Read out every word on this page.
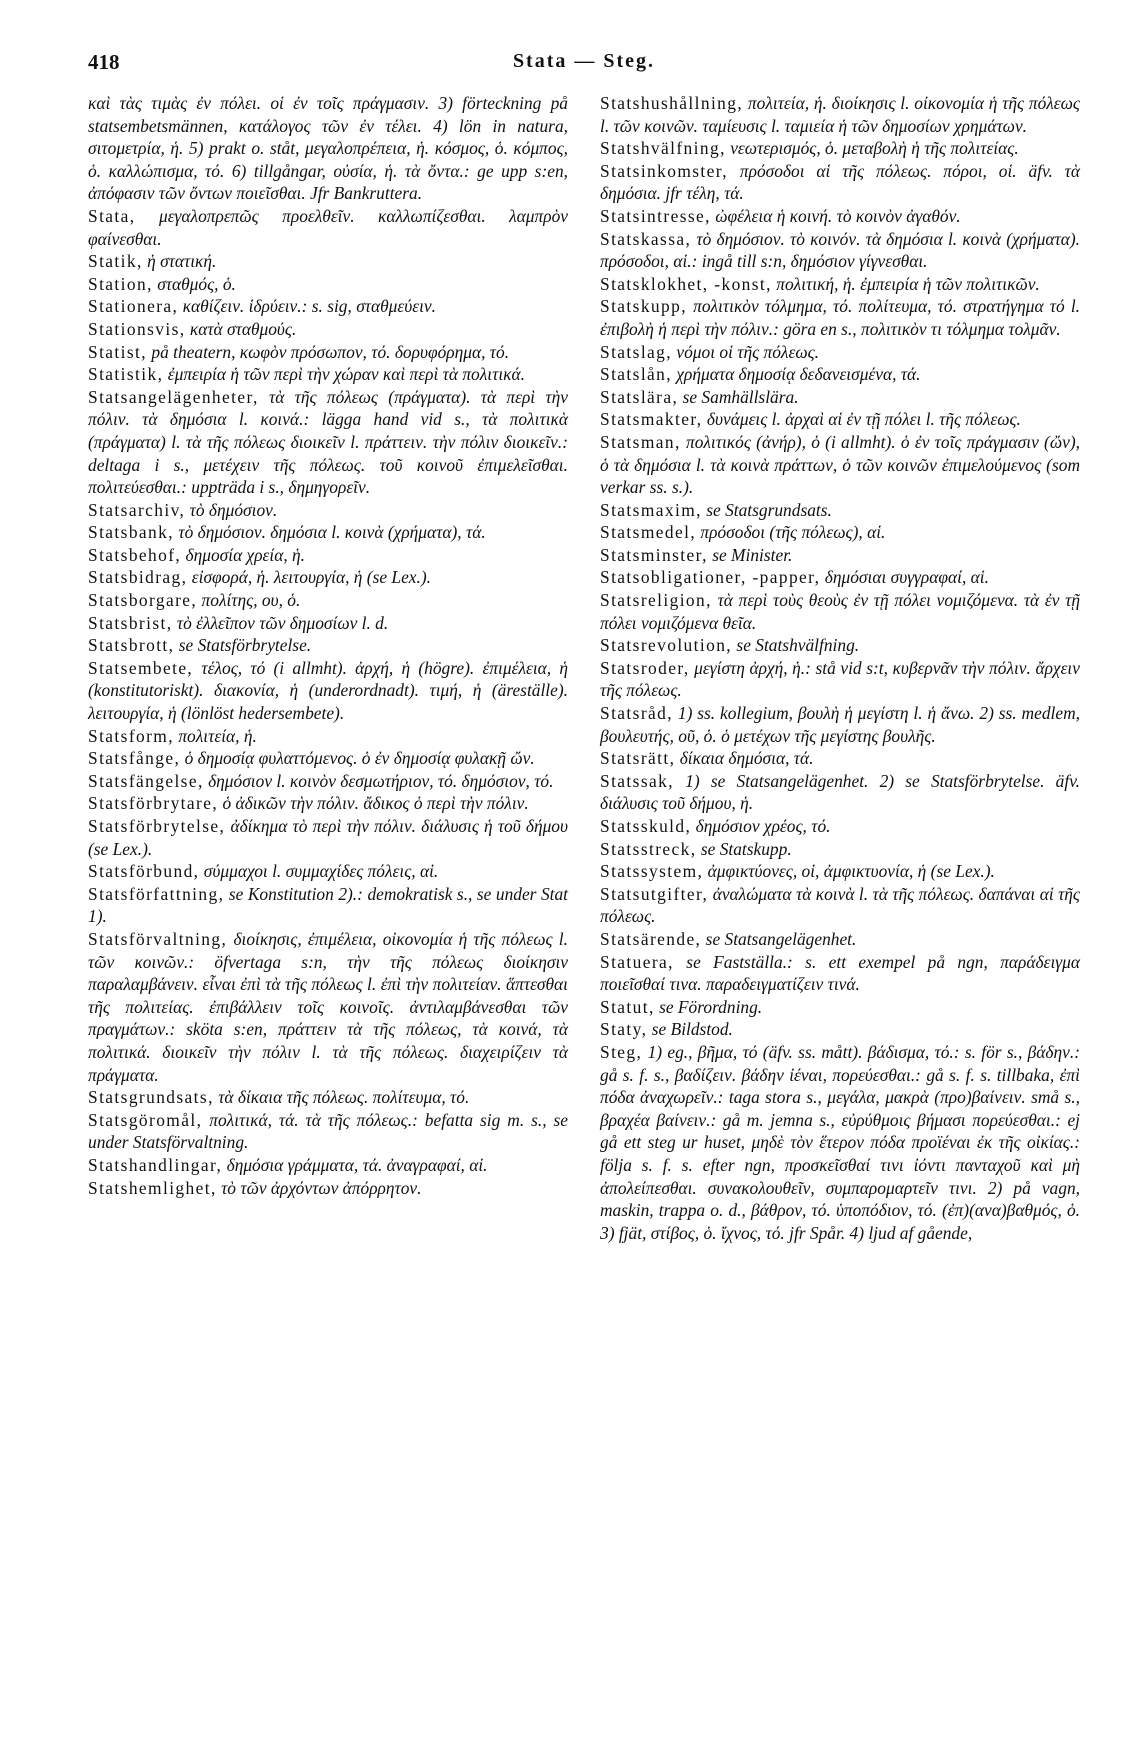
418	Stata — Steg.

καὶ τὰς τιμὰς ἐν πόλει. οἱ ἐν τοῖς πράγμασιν. 3) förteckning på statsembetsmännen, κατάλογος τῶν ἐν τέλει. 4) lön in natura, σιτομετρία, ἡ. 5) prakt o. ståt, μεγαλοπρέπεια, ἡ. κόσμος, ὁ. κόμπος, ὁ. καλλώπισμα, τό. 6) tillgångar, οὐσία, ἡ. τὰ ὄντα.: ge upp s:en, ἀπόφασιν τῶν ὄντων ποιεῖσθαι. Jfr Bankruttera.

Stata, μεγαλοπρεπῶς προελθεῖν. καλλωπίζεσθαι. λαμπρὸν φαίνεσθαι.

Statik, ἡ στατική.

Station, σταθμός, ὁ.

Stationera, καθίζειν. ἱδρύειν.: s. sig, σταθμεύειν.

Stationsvis, κατὰ σταθμούς.

Statist, på theatern, κωφὸν πρόσωπον, τό. δορυφόρημα, τό.

Statistik, ἐμπειρία ἡ τῶν περὶ τὴν χώραν καὶ περὶ τὰ πολιτικά.

Statsangelägenheter, τὰ τῆς πόλεως (πράγματα). τὰ περὶ τὴν πόλιν. τὰ δημόσια l. κοινά.: lägga hand vid s., τὰ πολιτικὰ (πράγματα) l. τὰ τῆς πόλεως διοικεῖν l. πράττειν. τὴν πόλιν διοικεῖν.: deltaga i s., μετέχειν τῆς πόλεως. τοῦ κοινοῦ ἐπιμελεῖσθαι. πολιτεύεσθαι.: uppträda i s., δημηγορεῖν.

Statsarchiv, τὸ δημόσιον.

Statsbank, τὸ δημόσιον. δημόσια l. κοινὰ (χρήματα), τά.

Statsbehof, δημοσία χρεία, ἡ.

Statsbidrag, εἰσφορά, ἡ. λειτουργία, ἡ (se Lex.).

Statsborgare, πολίτης, ου, ὁ.

Statsbrist, τὸ ἐλλεῖπον τῶν δημοσίων l. d.

Statsbrott, se Statsförbrytelse.

Statsembete, τέλος, τό (i allmht). ἀρχή, ἡ (högre). ἐπιμέλεια, ἡ (konstitutoriskt). διακονία, ἡ (underordnadt). τιμή, ἡ (äreställe). λειτουργία, ἡ (lönlöst hedersembete).

Statsform, πολιτεία, ἡ.

Statsfånge, ὁ δημοσίᾳ φυλαττόμενος. ὁ ἐν δημοσίᾳ φυλακῇ ὤν.

Statsfängelse, δημόσιον l. κοινὸν δεσμωτήριον, τό. δημόσιον, τό.

Statsförbrytare, ὁ ἀδικῶν τὴν πόλιν. ἄδικος ὁ περὶ τὴν πόλιν.

Statsförbrytelse, ἀδίκημα τὸ περὶ τὴν πόλιν. διάλυσις ἡ τοῦ δήμου (se Lex.).

Statsförbund, σύμμαχοι l. συμμαχίδες πόλεις, αἱ.

Statsförfattning, se Konstitution 2).: demokratisk s., se under Stat 1).

Statsförvaltning, διοίκησις, ἐπιμέλεια, οἰκονομία ἡ τῆς πόλεως l. τῶν κοινῶν.: öfvertaga s:n, τὴν τῆς πόλεως διοίκησιν παραλαμβάνειν. εἶναι ἐπὶ τὰ τῆς πόλεως l. ἐπὶ τὴν πολιτείαν. ἅπτεσθαι τῆς πολιτείας. ἐπιβάλλειν τοῖς κοινοῖς. ἀντιλαμβάνεσθαι τῶν πραγμάτων.: sköta s:en, πράττειν τὰ τῆς πόλεως, τὰ κοινά, τὰ πολιτικά. διοικεῖν τὴν πόλιν l. τὰ τῆς πόλεως. διαχειρίζειν τὰ πράγματα.

Statsgrundsats, τὰ δίκαια τῆς πόλεως. πολίτευμα, τό.

Statsgöromål, πολιτικά, τά. τὰ τῆς πόλεως.: befatta sig m. s., se under Statsförvaltning.

Statshandlingar, δημόσια γράμματα, τά. ἀναγραφαί, αἱ.

Statshemlighet, τὸ τῶν ἀρχόντων ἀπόρρητον.

Statshushållning, πολιτεία, ἡ. διοίκησις l. οἰκονομία ἡ τῆς πόλεως l. τῶν κοινῶν. ταμίευσις l. ταμιεία ἡ τῶν δημοσίων χρημάτων.

Statshvälfning, νεωτερισμός, ὁ. μεταβολὴ ἡ τῆς πολιτείας.

Statsinkomster, πρόσοδοι αἱ τῆς πόλεως. πόροι, οἱ. äfv. τὰ δημόσια. jfr τέλη, τά.

Statsintresse, ὠφέλεια ἡ κοινή. τὸ κοινὸν ἀγαθόν.

Statskassa, τὸ δημόσιον. τὸ κοινόν. τὰ δημόσια l. κοινὰ (χρήματα). πρόσοδοι, αἱ.: ingå till s:n, δημόσιον γίγνεσθαι.

Statsklokhet, -konst, πολιτική, ἡ. ἐμπειρία ἡ τῶν πολιτικῶν.

Statskupp, πολιτικὸν τόλμημα, τό. πολίτευμα, τό. στρατήγημα τό l. ἐπιβολὴ ἡ περὶ τὴν πόλιν.: göra en s., πολιτικὸν τι τόλμημα τολμᾶν.

Statslag, νόμοι οἱ τῆς πόλεως.

Statslån, χρήματα δημοσίᾳ δεδανεισμένα, τά.

Statslära, se Samhällslära.

Statsmakter, δυνάμεις l. ἀρχαὶ αἱ ἐν τῇ πόλει l. τῆς πόλεως.

Statsman, πολιτικός (ἀνήρ), ὁ (i allmht). ὁ ἐν τοῖς πράγμασιν (ὤν), ὁ τὰ δημόσια l. τὰ κοινὰ πράττων, ὁ τῶν κοινῶν ἐπιμελούμενος (som verkar ss. s.).

Statsmaxim, se Statsgrundsats.

Statsmedel, πρόσοδοι (τῆς πόλεως), αἱ.

Statsminster, se Minister.

Statsobligationer, -papper, δημόσιαι συγγραφαί, αἱ.

Statsreligion, τὰ περὶ τοὺς θεοὺς ἐν τῇ πόλει νομιζόμενα. τὰ ἐν τῇ πόλει νομιζόμενα θεῖα.

Statsrevolution, se Statshvälfning.

Statsroder, μεγίστη ἀρχή, ἡ.: stå vid s:t, κυβερνᾶν τὴν πόλιν. ἄρχειν τῆς πόλεως.

Statsråd, 1) ss. kollegium, βουλὴ ἡ μεγίστη l. ἡ ἄνω. 2) ss. medlem, βουλευτής, οῦ, ὁ. ὁ μετέχων τῆς μεγίστης βουλῆς.

Statsrätt, δίκαια δημόσια, τά.

Statssak, 1) se Statsangelägenhet. 2) se Statsförbrytelse. äfv. διάλυσις τοῦ δήμου, ἡ.

Statsskuld, δημόσιον χρέος, τό.

Statsstreck, se Statskupp.

Statssystem, ἀμφικτύονες, οἱ, ἀμφικτυονία, ἡ (se Lex.).

Statsutgifter, ἀναλώματα τὰ κοινὰ l. τὰ τῆς πόλεως. δαπάναι αἱ τῆς πόλεως.

Statsärende, se Statsangelägenhet.

Statuera, se Fastställa.: s. ett exempel på ngn, παράδειγμα ποιεῖσθαί τινα. παραδειγματίζειν τινά.

Statut, se Förordning.

Staty, se Bildstod.

Steg, 1) eg., βῆμα, τό (äfv. ss. mått). βάδισμα, τό.: s. för s., βάδην.: gå s. f. s., βαδίζειν. βάδην ἰέναι, πορεύεσθαι.: gå s. f. s. tillbaka, ἐπὶ πόδα ἀναχωρεῖν.: taga stora s., μεγάλα, μακρὰ (προ)βαίνειν. små s., βραχέα βαίνειν.: gå m. jemna s., εὐρύθμοις βήμασι πορεύεσθαι.: ej gå ett steg ur huset, μηδὲ τὸν ἕτερον πόδα προϊέναι ἐκ τῆς οἰκίας.: följa s. f. s. efter ngn, προσκεῖσθαί τινι ἰόντι πανταχοῦ καὶ μὴ ἀπολείπεσθαι. συνακολουθεῖν, συμπαρομαρτεῖν τινι. 2) på vagn, maskin, trappa o. d., βάθρον, τό. ὑποπόδιον, τό. (ἐπ)(ανα)βαθμός, ὁ. 3) fjät, στίβος, ὁ. ἴχνος, τό. jfr Spår. 4) ljud af gående,
